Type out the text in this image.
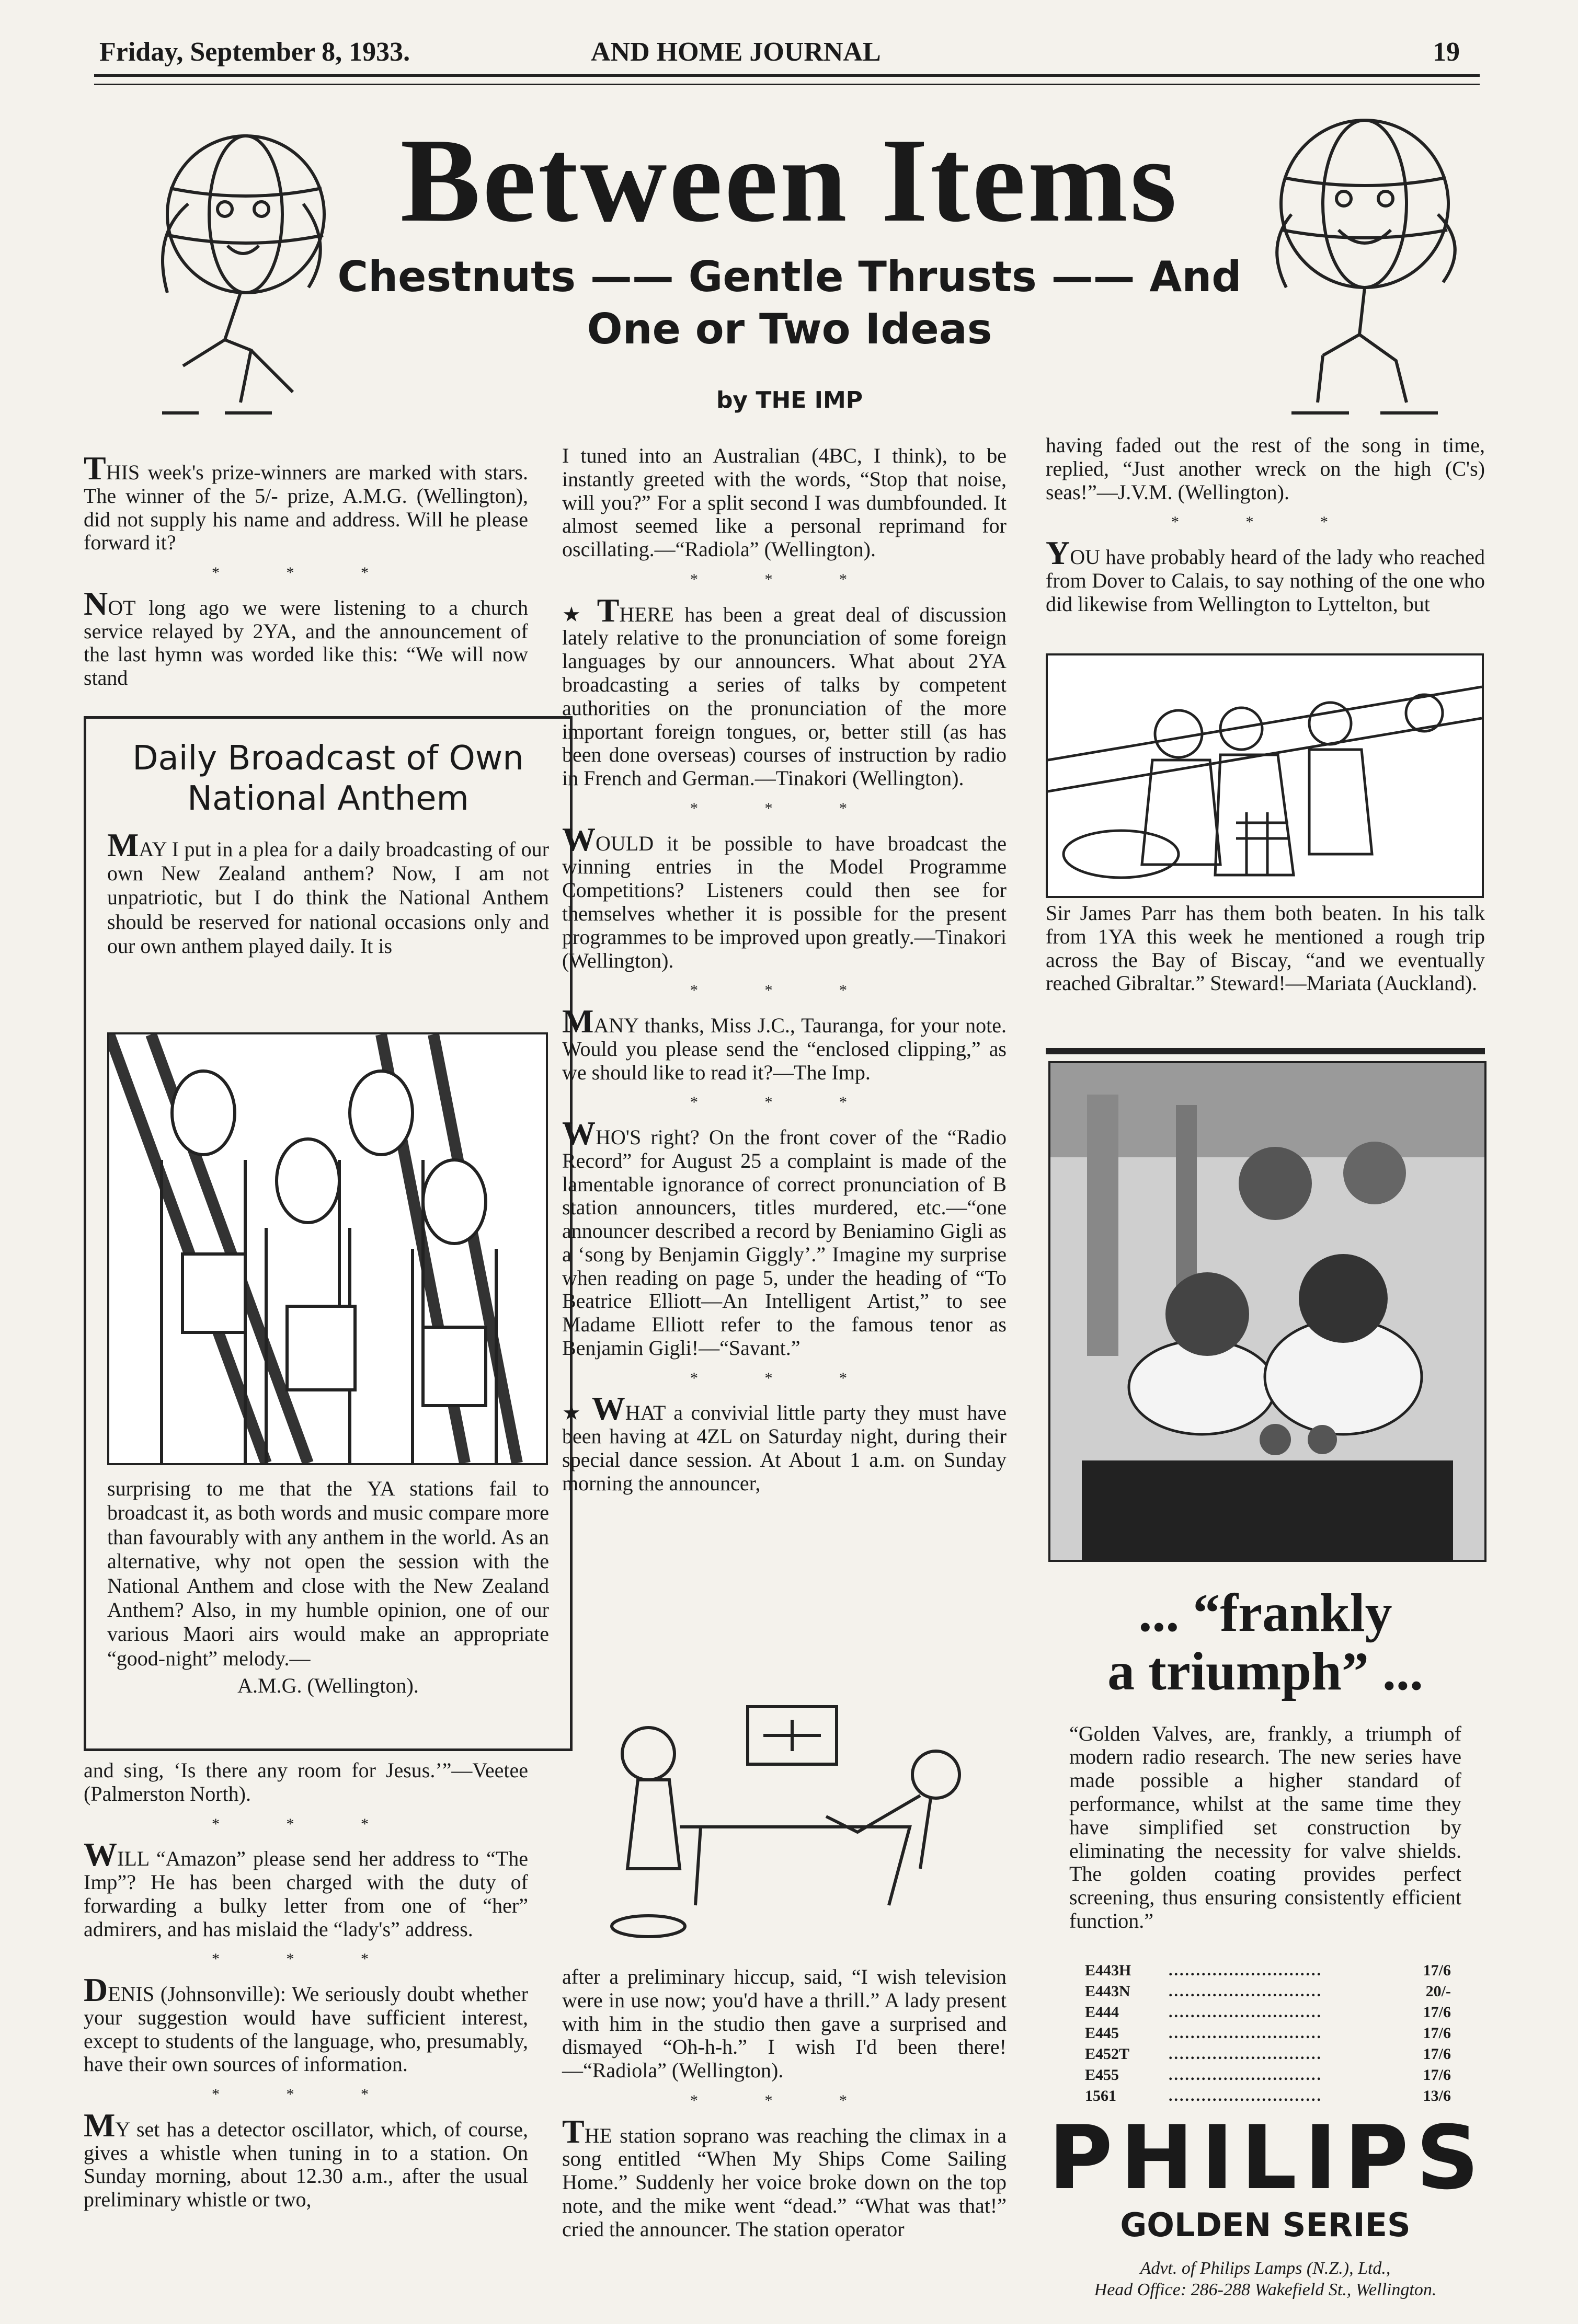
Friday, September 8, 1933.	AND HOME JOURNAL	19
Between Items
Chestnuts —— Gentle Thrusts —— And
One or Two Ideas
by THE IMP

THIS week's prize-winners are marked with stars. The winner of the 5/- prize, A.M.G. (Wellington), did not supply his name and address. Will he please forward it?

* * *

NOT long ago we were listening to a church service relayed by 2YA, and the announcement of the last hymn was worded like this: “We will now stand

Daily Broadcast of Own National Anthem
MAY I put in a plea for a daily broadcasting of our own New Zealand anthem? Now, I am not unpatriotic, but I do think the National Anthem should be reserved for national occasions only and our own anthem played daily. It is
surprising to me that the YA stations fail to broadcast it, as both words and music compare more than favourably with any anthem in the world. As an alternative, why not open the session with the National Anthem and close with the New Zealand Anthem? Also, in my humble opinion, one of our various Maori airs would make an appropriate “good-night” melody.—
A.M.G. (Wellington).

and sing, ‘Is there any room for Jesus.’”—Veetee (Palmerston North).

* * *

WILL “Amazon” please send her address to “The Imp”? He has been charged with the duty of forwarding a bulky letter from one of “her” admirers, and has mislaid the “lady's” address.

* * *

DENIS (Johnsonville): We seriously doubt whether your suggestion would have sufficient interest, except to students of the language, who, presumably, have their own sources of information.

* * *

MY set has a detector oscillator, which, of course, gives a whistle when tuning in to a station. On Sunday morning, about 12.30 a.m., after the usual preliminary whistle or two,

I tuned into an Australian (4BC, I think), to be instantly greeted with the words, “Stop that noise, will you?” For a split second I was dumbfounded. It almost seemed like a personal reprimand for oscillating.—“Radiola” (Wellington).

* * *

★ THERE has been a great deal of discussion lately relative to the pronunciation of some foreign languages by our announcers. What about 2YA broadcasting a series of talks by competent authorities on the pronunciation of the more important foreign tongues, or, better still (as has been done overseas) courses of instruction by radio in French and German.—Tinakori (Wellington).

* * *

WOULD it be possible to have broadcast the winning entries in the Model Programme Competitions? Listeners could then see for themselves whether it is possible for the present programmes to be improved upon greatly.—Tinakori (Wellington).

* * *

MANY thanks, Miss J.C., Tauranga, for your note. Would you please send the “enclosed clipping,” as we should like to read it?—The Imp.

* * *

WHO'S right? On the front cover of the “Radio Record” for August 25 a complaint is made of the lamentable ignorance of correct pronunciation of B station announcers, titles murdered, etc.—“one announcer described a record by Beniamino Gigli as a ‘song by Benjamin Giggly’.” Imagine my surprise when reading on page 5, under the heading of “To Beatrice Elliott—An Intelligent Artist,” to see Madame Elliott refer to the famous tenor as Benjamin Gigli!—“Savant.”

* * *

★ WHAT a convivial little party they must have been having at 4ZL on Saturday night, during their special dance session. At About 1 a.m. on Sunday morning the announcer,

after a preliminary hiccup, said, “I wish television were in use now; you'd have a thrill.” A lady present with him in the studio then gave a surprised and dismayed “Oh-h-h.” I wish I'd been there!—“Radiola” (Wellington).

* * *

THE station soprano was reaching the climax in a song entitled “When My Ships Come Sailing Home.” Suddenly her voice broke down on the top note, and the mike went “dead.” “What was that!” cried the announcer. The station operator

having faded out the rest of the song in time, replied, “Just another wreck on the high (C's) seas!”—J.V.M. (Wellington).

* * *

YOU have probably heard of the lady who reached from Dover to Calais, to say nothing of the one who did likewise from Wellington to Lyttelton, but

Sir James Parr has them both beaten. In his talk from 1YA this week he mentioned a rough trip across the Bay of Biscay, “and we eventually reached Gibraltar.” Steward!—Mariata (Auckland).

... “frankly
a triumph” ...
“Golden Valves, are, frankly, a triumph of modern radio research. The new series have made possible a higher standard of performance, whilst at the same time they have simplified set construction by eliminating the necessity for valve shields. The golden coating provides perfect screening, thus ensuring consistently efficient function.”
E443H	............................	17/6
E443N	............................	20/-
E444	............................	17/6
E445	............................	17/6
E452T	............................	17/6
E455	............................	17/6
1561	............................	13/6
PHILIPS
GOLDEN SERIES
Advt. of Philips Lamps (N.Z.), Ltd.,
Head Office: 286-288 Wakefield St., Wellington.
